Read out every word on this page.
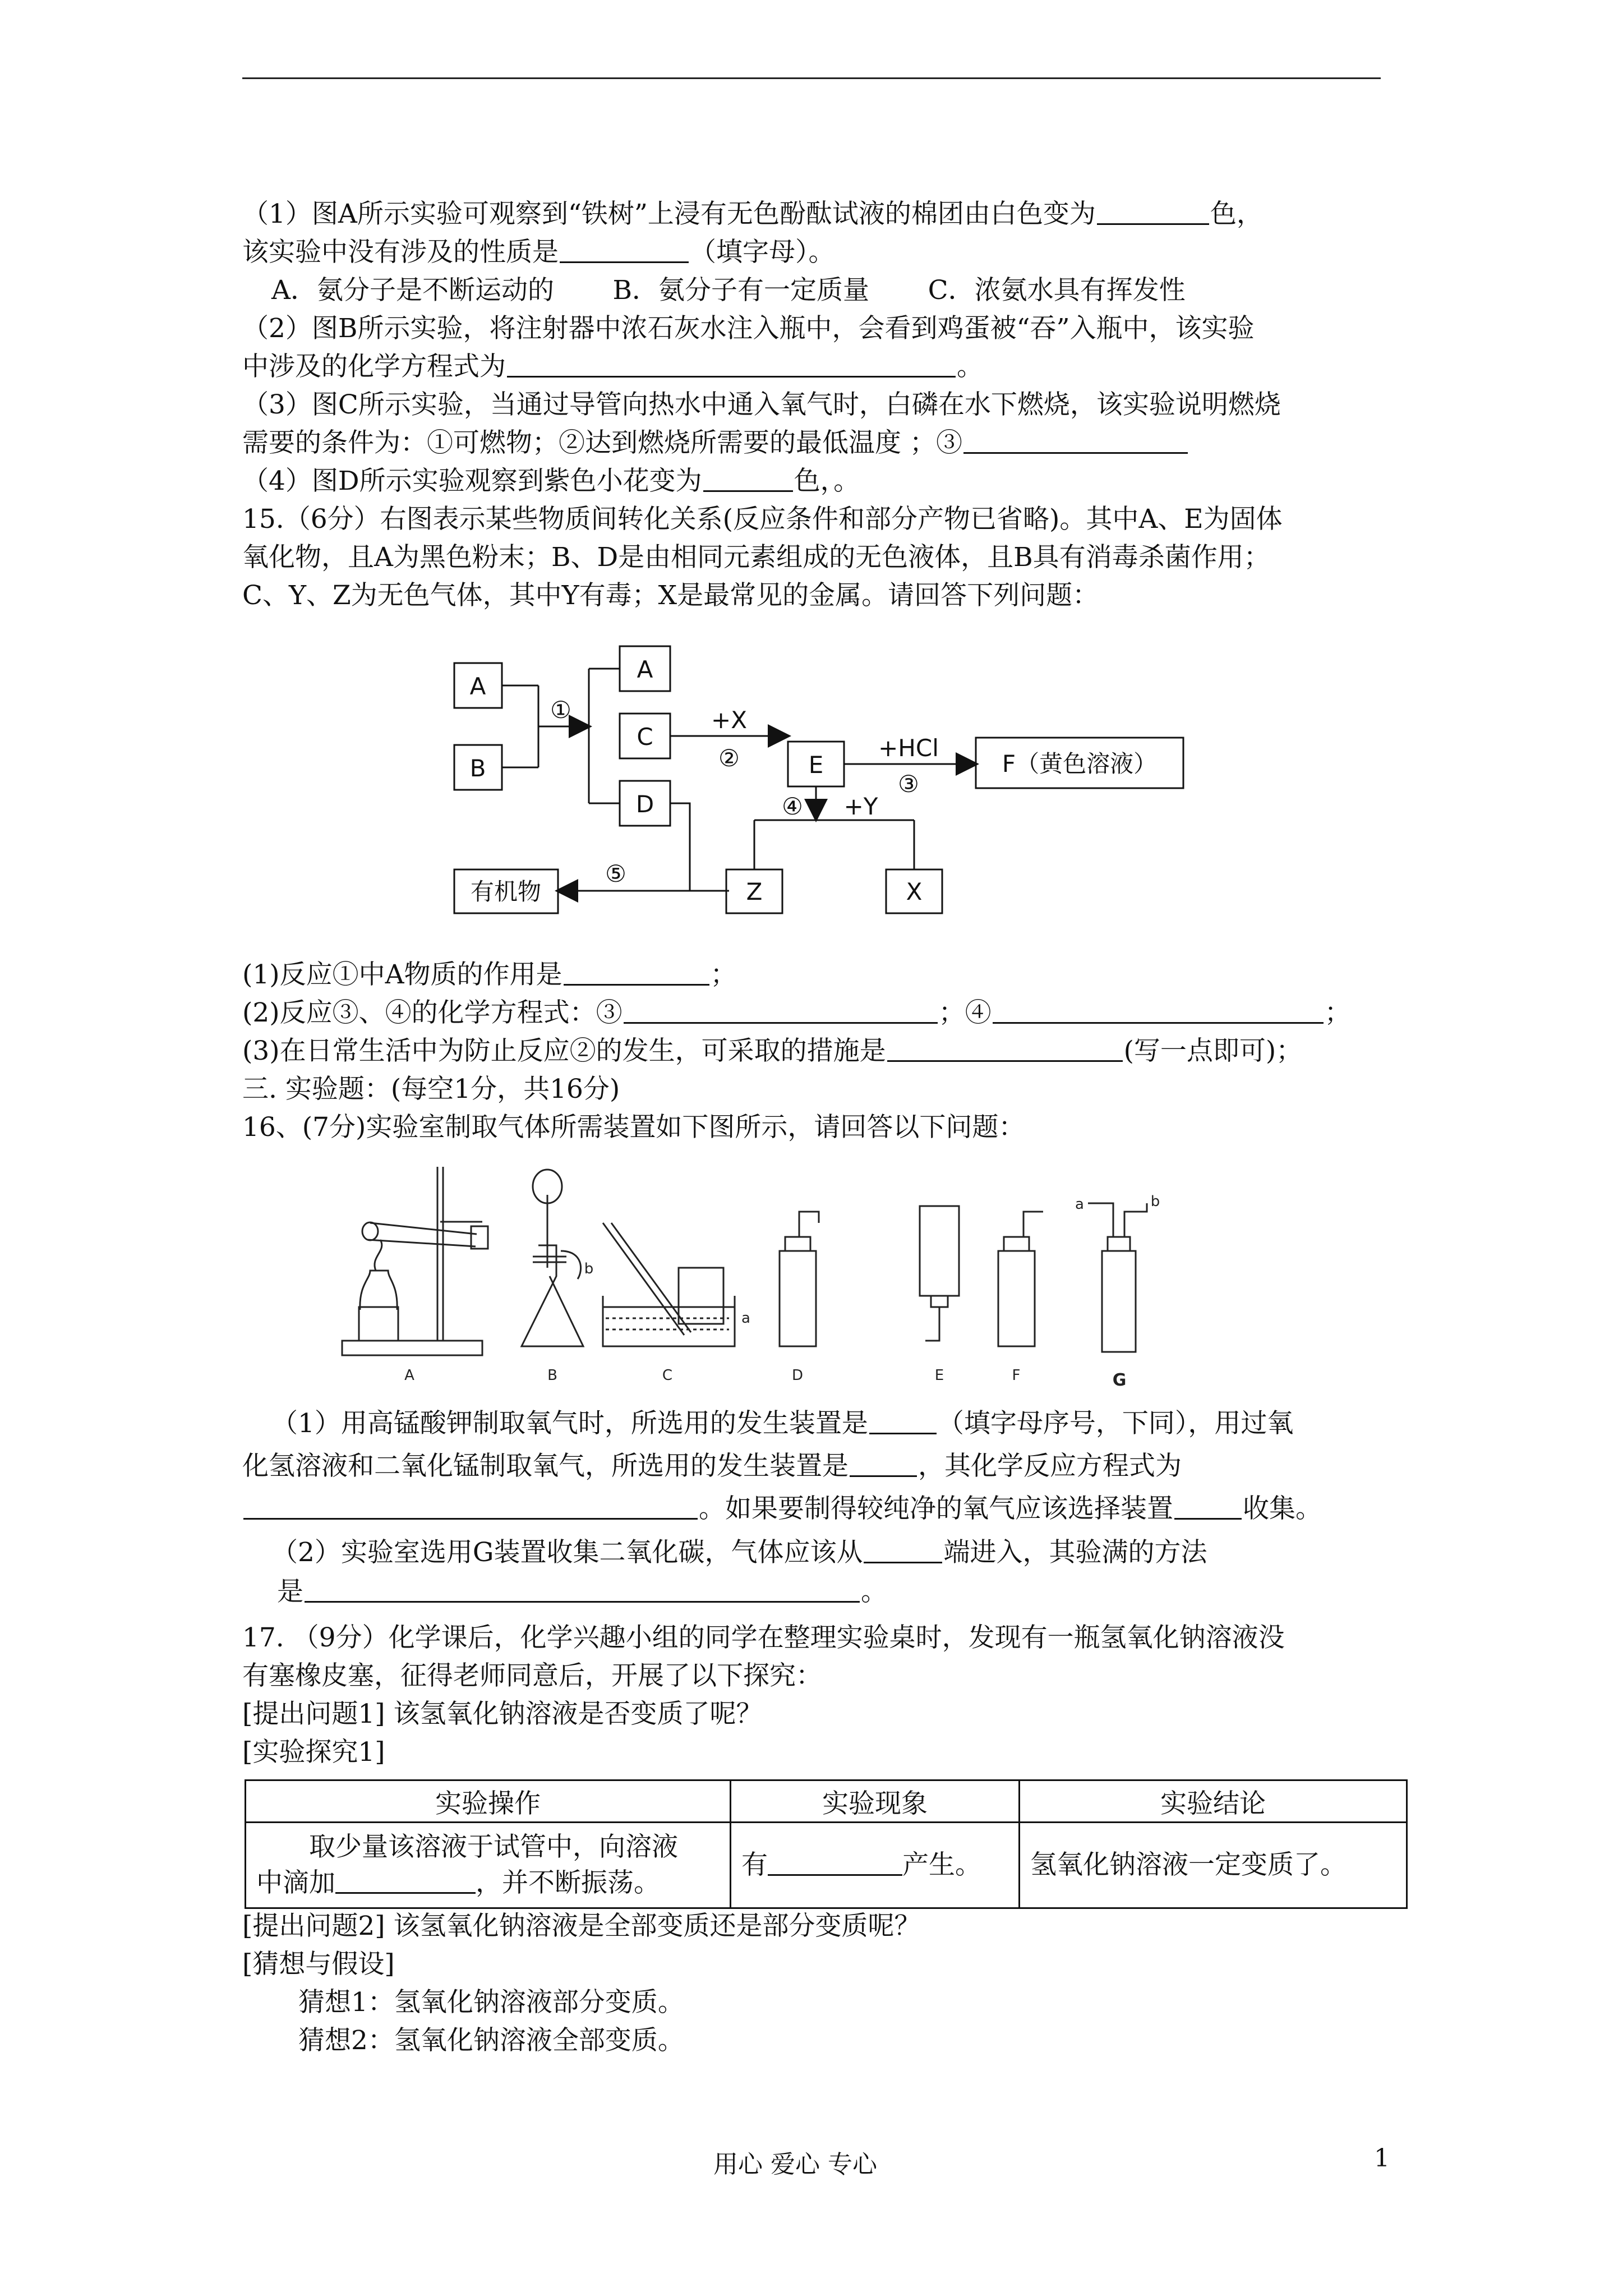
（1）图A所示实验可观察到“铁树”上浸有无色酚酞试液的棉团由白色变为	色，
该实验中没有涉及的性质是	（填字母）。
A．氨分子是不断运动的       B．氨分子有一定质量       C．浓氨水具有挥发性
（2）图B所示实验，将注射器中浓石灰水注入瓶中，会看到鸡蛋被“吞”入瓶中，该实验
中涉及的化学方程式为	。
（3）图C所示实验，当通过导管向热水中通入氧气时，白磷在水下燃烧，该实验说明燃烧
需要的条件为：①可燃物；②达到燃烧所需要的最低温度 ；③
（4）图D所示实验观察到紫色小花变为	色，。
15.（6分）右图表示某些物质间转化关系(反应条件和部分产物已省略)。其中A、E为固体
氧化物，且A为黑色粉末；B、D是由相同元素组成的无色液体，且B具有消毒杀菌作用；
C、Y、Z为无色气体，其中Y有毒；X是最常见的金属。请回答下列问题：
A
B
A
C
D
E	F（黄色溶液）
Z	X
有机物
①	+X
②	+HCl
③
④ +Y
⑤
(1)反应①中A物质的作用是	；
(2)反应③、④的化学方程式：③	；④	；
(3)在日常生活中为防止反应②的发生，可采取的措施是	(写一点即可)；
三. 实验题：(每空1分，共16分)
16、(7分)实验室制取气体所需装置如下图所示，请回答以下问题：
A	B	C	D	E	F	G
b
a
a	b
（1）用高锰酸钾制取氧气时，所选用的发生装置是	（填字母序号，下同），用过氧
化氢溶液和二氧化锰制取氧气，所选用的发生装置是	，其化学反应方程式为
。如果要制得较纯净的氧气应该选择装置	收集。
（2）实验室选用G装置收集二氧化碳，气体应该从	端进入，其验满的方法
是	。
17. （9分）化学课后，化学兴趣小组的同学在整理实验桌时，发现有一瓶氢氧化钠溶液没
有塞橡皮塞，征得老师同意后，开展了以下探究：
[提出问题1] 该氢氧化钠溶液是否变质了呢？
[实验探究1]
实验操作	实验现象	实验结论
取少量该溶液于试管中，向溶液
中滴加 ，并不断振荡。	有 产生。	氢氧化钠溶液一定变质了。
[提出问题2] 该氢氧化钠溶液是全部变质还是部分变质呢？
[猜想与假设]
猜想1：氢氧化钠溶液部分变质。
猜想2：氢氧化钠溶液全部变质。
用心 爱心 专心	1
